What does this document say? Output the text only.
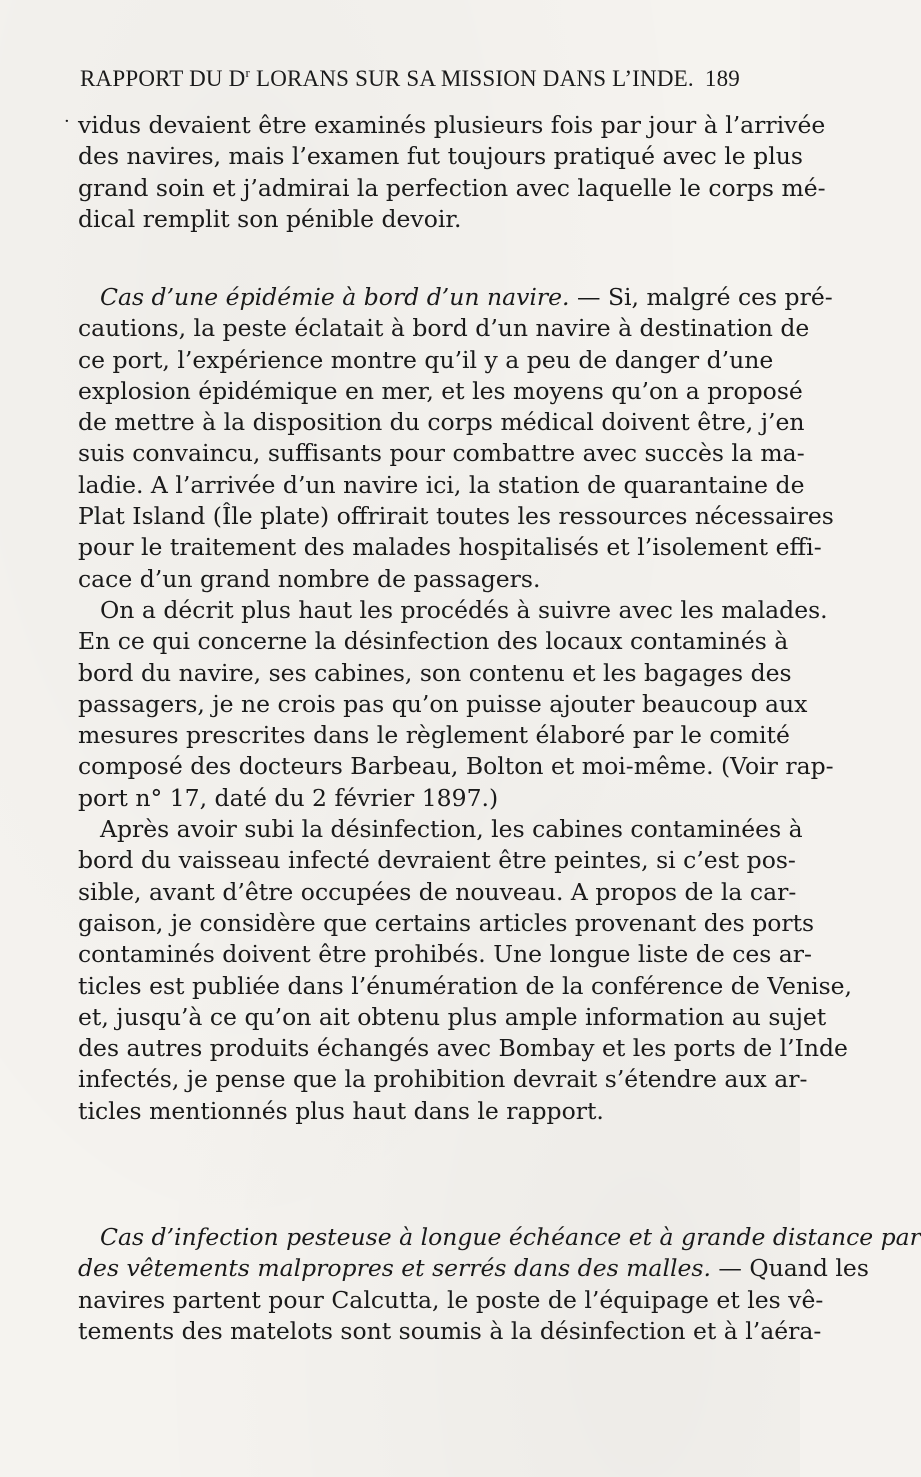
RAPPORT DU $D^r$ LORANS SUR SA MISSION DANS L’INDE. 189
· vidus devaient être examinés plusieurs fois par jour à l’arrivée
des navires, mais l’examen fut toujours pratiqué avec le plus
grand soin et j’admirai la perfection avec laquelle le corps mé-
dical remplit son pénible devoir.
Cas d’une épidémie à bord d’un navire. — Si, malgré ces pré-
cautions, la peste éclatait à bord d’un navire à destination de
ce port, l’expérience montre qu’il y a peu de danger d’une
explosion épidémique en mer, et les moyens qu’on a proposé
de mettre à la disposition du corps médical doivent être, j’en
suis convaincu, suffisants pour combattre avec succès la ma-
ladie. A l’arrivée d’un navire ici, la station de quarantaine de
Plat Island (Île plate) offrirait toutes les ressources nécessaires
pour le traitement des malades hospitalisés et l’isolement effi-
cace d’un grand nombre de passagers.
On a décrit plus haut les procédés à suivre avec les malades.
En ce qui concerne la désinfection des locaux contaminés à
bord du navire, ses cabines, son contenu et les bagages des
passagers, je ne crois pas qu’on puisse ajouter beaucoup aux
mesures prescrites dans le règlement élaboré par le comité
composé des docteurs Barbeau, Bolton et moi-même. (Voir rap-
port n° 17, daté du 2 février 1897.)
Après avoir subi la désinfection, les cabines contaminées à
bord du vaisseau infecté devraient être peintes, si c’est pos-
sible, avant d’être occupées de nouveau. A propos de la car-
gaison, je considère que certains articles provenant des ports
contaminés doivent être prohibés. Une longue liste de ces ar-
ticles est publiée dans l’énumération de la conférence de Venise,
et, jusqu’à ce qu’on ait obtenu plus ample information au sujet
des autres produits échangés avec Bombay et les ports de l’Inde
infectés, je pense que la prohibition devrait s’étendre aux ar-
ticles mentionnés plus haut dans le rapport.
Cas d’infection pesteuse à longue échéance et à grande distance par
des vêtements malpropres et serrés dans des malles. — Quand les
navires partent pour Calcutta, le poste de l’équipage et les vê-
tements des matelots sont soumis à la désinfection et à l’aéra-
